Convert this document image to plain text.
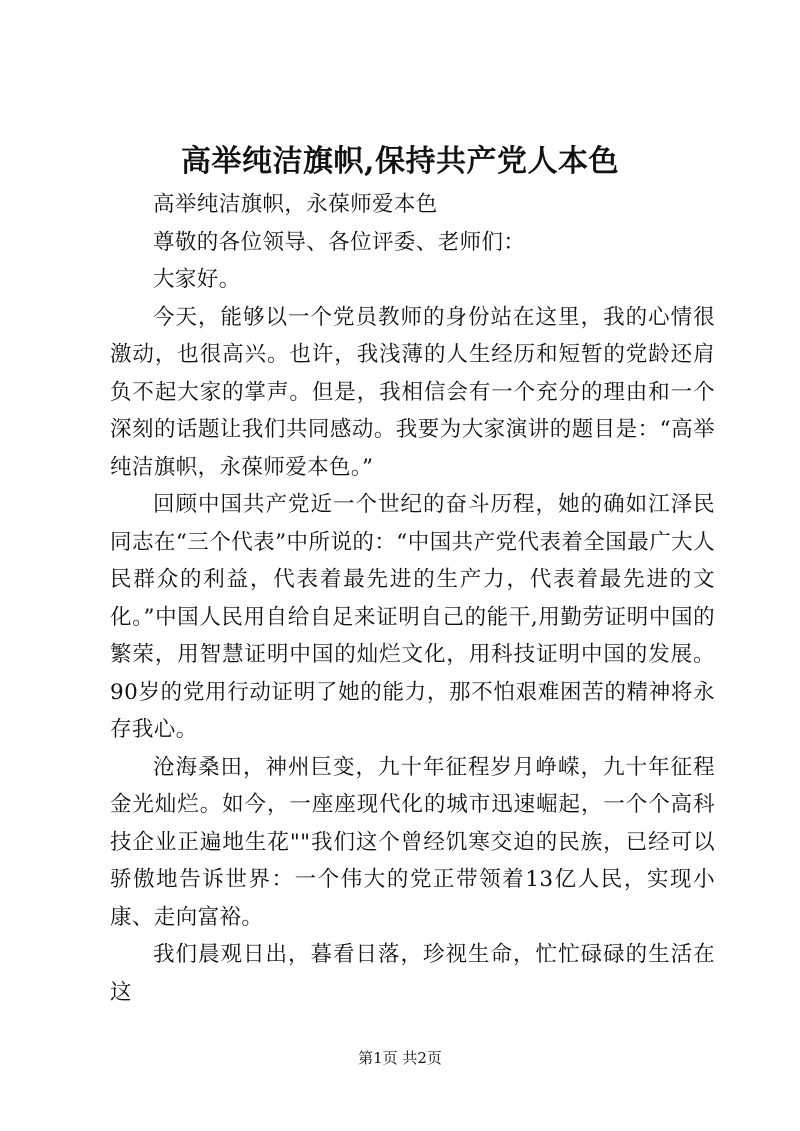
高举纯洁旗帜,保持共产党人本色

高举纯洁旗帜，永葆师爱本色

尊敬的各位领导、各位评委、老师们：

大家好。

今天，能够以一个党员教师的身份站在这里，我的心情很激动，也很高兴。也许，我浅薄的人生经历和短暂的党龄还肩负不起大家的掌声。但是，我相信会有一个充分的理由和一个深刻的话题让我们共同感动。我要为大家演讲的题目是：“高举纯洁旗帜，永葆师爱本色。”

回顾中国共产党近一个世纪的奋斗历程，她的确如江泽民同志在“三个代表”中所说的：“中国共产党代表着全国最广大人民群众的利益，代表着最先进的生产力，代表着最先进的文化。”中国人民用自给自足来证明自己的能干,用勤劳证明中国的繁荣，用智慧证明中国的灿烂文化，用科技证明中国的发展。90岁的党用行动证明了她的能力，那不怕艰难困苦的精神将永存我心。

沧海桑田，神州巨变，九十年征程岁月峥嵘，九十年征程金光灿烂。如今，一座座现代化的城市迅速崛起，一个个高科技企业正遍地生花""我们这个曾经饥寒交迫的民族，已经可以骄傲地告诉世界：一个伟大的党正带领着13亿人民，实现小康、走向富裕。

我们晨观日出，暮看日落，珍视生命，忙忙碌碌的生活在这

第1页 共2页
